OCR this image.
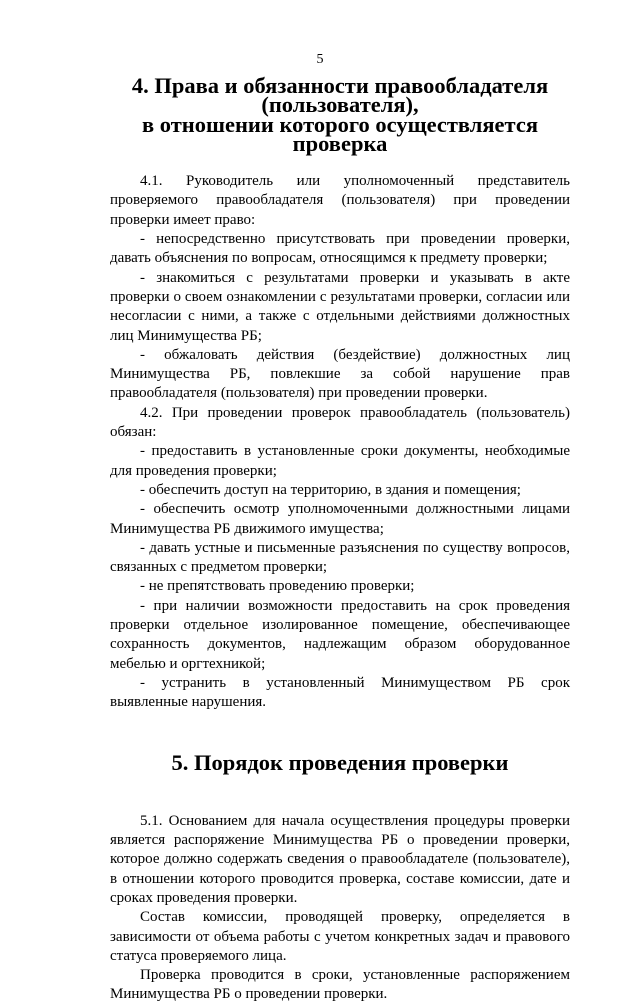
5
4. Права и обязанности правообладателя (пользователя),
в отношении которого осуществляется проверка

4.1. Руководитель или уполномоченный представитель проверяемого правообладателя (пользователя) при проведении проверки имеет право:

- непосредственно присутствовать при проведении проверки, давать объяснения по вопросам, относящимся к предмету проверки;

- знакомиться с результатами проверки и указывать в акте проверки о своем ознакомлении с результатами проверки, согласии или несогласии с ними, а также с отдельными действиями должностных лиц Минимущества РБ;

- обжаловать действия (бездействие) должностных лиц Минимущества РБ, повлекшие за собой нарушение прав правообладателя (пользователя) при проведении проверки.

4.2. При проведении проверок правообладатель (пользователь) обязан:

- предоставить в установленные сроки документы, необходимые для проведения проверки;

- обеспечить доступ на территорию, в здания и помещения;

- обеспечить осмотр уполномоченными должностными лицами Минимущества РБ движимого имущества;

- давать устные и письменные разъяснения по существу вопросов, связанных с предметом проверки;

- не препятствовать проведению проверки;

- при наличии возможности предоставить на срок проведения проверки отдельное изолированное помещение, обеспечивающее сохранность документов, надлежащим образом оборудованное мебелью и оргтехникой;

- устранить в установленный Минимуществом РБ срок выявленные нарушения.

5. Порядок проведения проверки

5.1. Основанием для начала осуществления процедуры проверки является распоряжение Минимущества РБ о проведении проверки, которое должно содержать сведения о правообладателе (пользователе), в отношении которого проводится проверка, составе комиссии, дате и сроках проведения проверки.

Состав комиссии, проводящей проверку, определяется в зависимости от объема работы с учетом конкретных задач и правового статуса проверяемого лица.

Проверка проводится в сроки, установленные распоряжением Минимущества РБ о проведении проверки.
